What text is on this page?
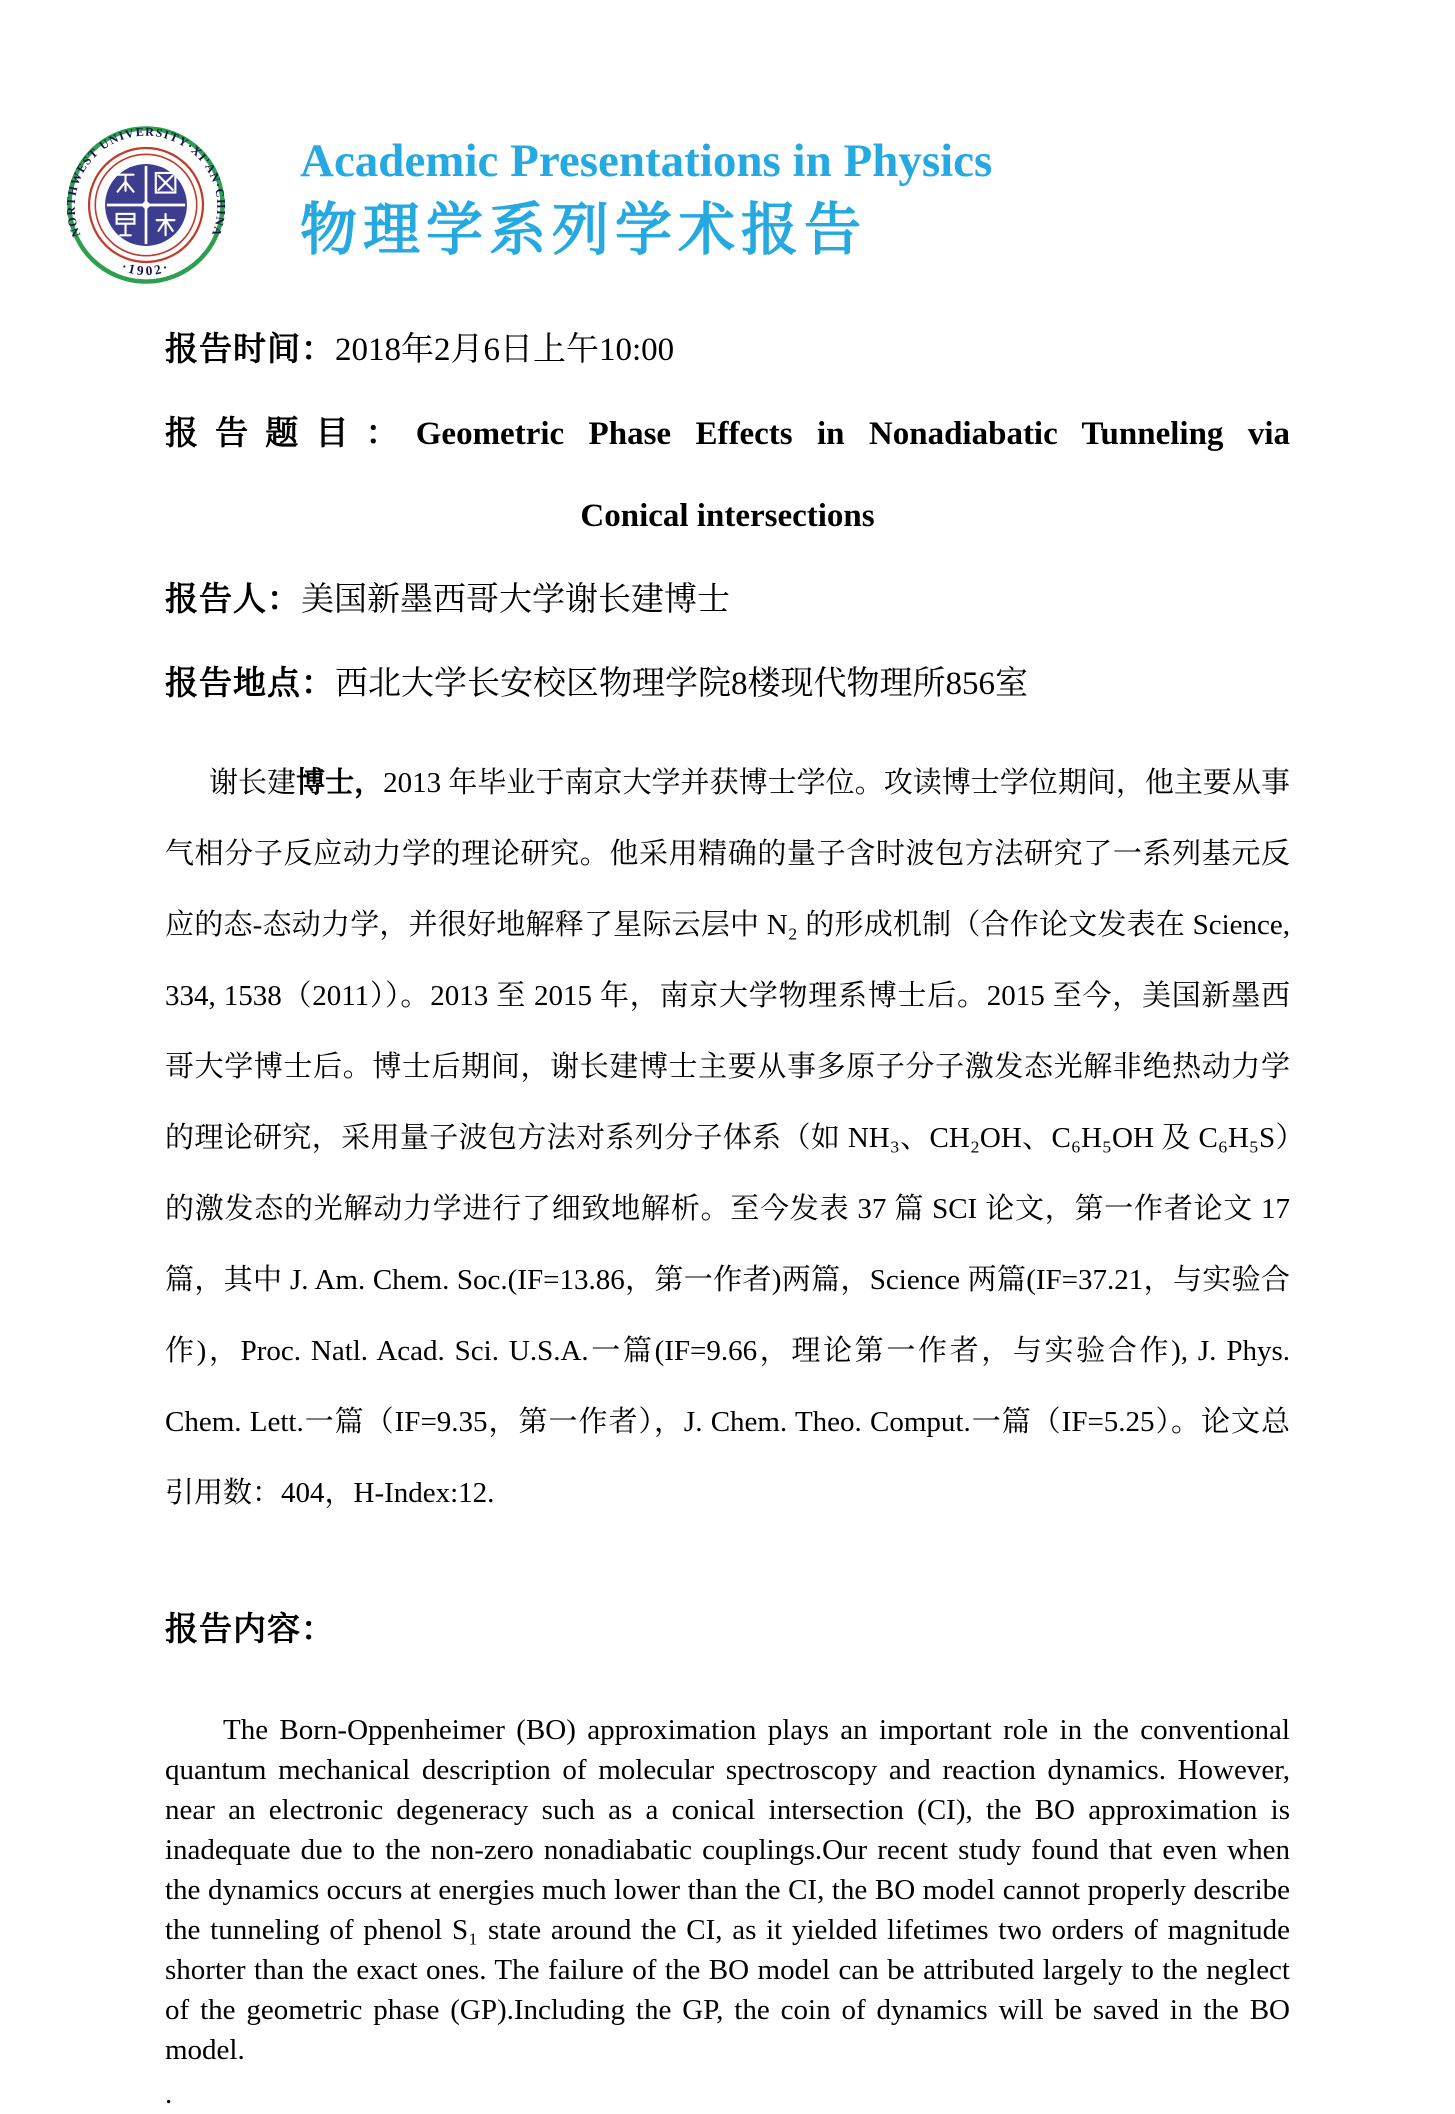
NORTHWEST UNIVERSITY·XI'AN·CHINA
·1902·
Academic Presentations in Physics
物理学系列学术报告

报告时间：2018年2月6日上午10:00

报告题目：Geometric Phase Effects in Nonadiabatic Tunneling via

Conical intersections

报告人：美国新墨西哥大学谢长建博士

报告地点：西北大学长安校区物理学院8楼现代物理所856室

谢长建博士，2013 年毕业于南京大学并获博士学位。攻读博士学位期间，他主要从事气相分子反应动力学的理论研究。他采用精确的量子含时波包方法研究了一系列基元反应的态-态动力学，并很好地解释了星际云层中 N₂ 的形成机制（合作论文发表在 Science, 334, 1538（2011））。2013 至 2015 年，南京大学物理系博士后。2015 至今，美国新墨西哥大学博士后。博士后期间，谢长建博士主要从事多原子分子激发态光解非绝热动力学的理论研究，采用量子波包方法对系列分子体系（如 NH₃、CH₂OH、C₆H₅OH 及 C₆H₅S）的激发态的光解动力学进行了细致地解析。至今发表 37 篇 SCI 论文，第一作者论文 17 篇，其中 J. Am. Chem. Soc.(IF=13.86，第一作者)两篇，Science 两篇(IF=37.21，与实验合作)，Proc. Natl. Acad. Sci. U.S.A.一篇(IF=9.66，理论第一作者，与实验合作), J. Phys. Chem. Lett.一篇（IF=9.35，第一作者），J. Chem. Theo. Comput.一篇（IF=5.25）。论文总引用数：404，H-Index:12.

报告内容：

The Born-Oppenheimer (BO) approximation plays an important role in the conventional quantum mechanical description of molecular spectroscopy and reaction dynamics. However, near an electronic degeneracy such as a conical intersection (CI), the BO approximation is inadequate due to the non-zero nonadiabatic couplings.Our recent study found that even when the dynamics occurs at energies much lower than the CI, the BO model cannot properly describe the tunneling of phenol S₁ state around the CI, as it yielded lifetimes two orders of magnitude shorter than the exact ones. The failure of the BO model can be attributed largely to the neglect of the geometric phase (GP).Including the GP, the coin of dynamics will be saved in the BO model.

.
